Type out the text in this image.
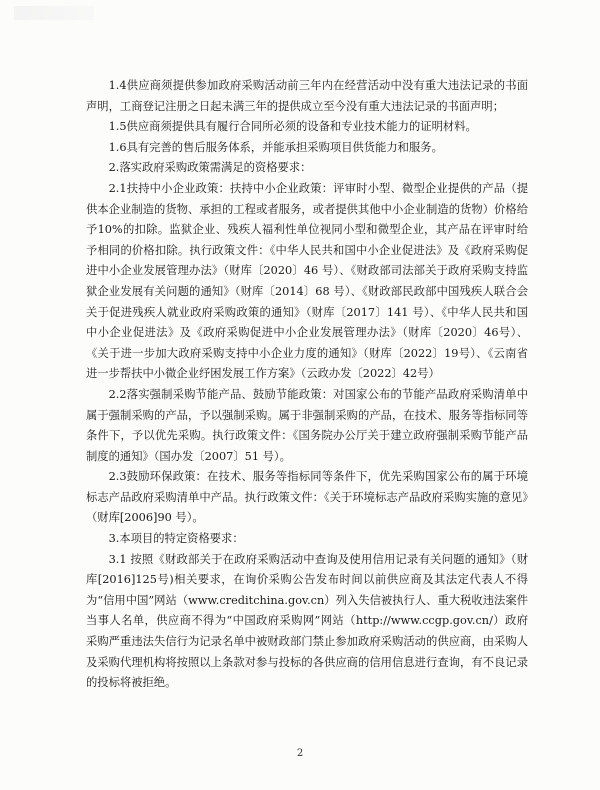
1.4供应商须提供参加政府采购活动前三年内在经营活动中没有重大违法记录的书面声明，工商登记注册之日起未满三年的提供成立至今没有重大违法记录的书面声明；

1.5供应商须提供具有履行合同所必须的设备和专业技术能力的证明材料。

1.6具有完善的售后服务体系，并能承担采购项目供货能力和服务。

2.落实政府采购政策需满足的资格要求：

2.1扶持中小企业政策：扶持中小企业政策：评审时小型、微型企业提供的产品（提供本企业制造的货物、承担的工程或者服务，或者提供其他中小企业制造的货物）价格给予10%的扣除。监狱企业、残疾人福利性单位视同小型和微型企业，其产品在评审时给予相同的价格扣除。执行政策文件：《中华人民共和国中小企业促进法》及《政府采购促进中小企业发展管理办法》（财库〔2020〕46 号）、《财政部司法部关于政府采购支持监狱企业发展有关问题的通知》（财库〔2014〕68 号）、《财政部民政部中国残疾人联合会关于促进残疾人就业政府采购政策的通知》（财库〔2017〕141 号）、《中华人民共和国中小企业促进法》及《政府采购促进中小企业发展管理办法》（财库〔2020〕46号）、《关于进一步加大政府采购支持中小企业力度的通知》（财库〔2022〕19号）、《云南省进一步帮扶中小微企业纾困发展工作方案》（云政办发〔2022〕42号）

2.2落实强制采购节能产品、鼓励节能政策：对国家公布的节能产品政府采购清单中属于强制采购的产品，予以强制采购。属于非强制采购的产品，在技术、服务等指标同等条件下，予以优先采购。执行政策文件：《国务院办公厅关于建立政府强制采购节能产品制度的通知》（国办发〔2007〕51 号）。

2.3鼓励环保政策：在技术、服务等指标同等条件下，优先采购国家公布的属于环境标志产品政府采购清单中产品。执行政策文件：《关于环境标志产品政府采购实施的意见》（财库[2006]90 号）。

3.本项目的特定资格要求：

3.1 按照《财政部关于在政府采购活动中查询及使用信用记录有关问题的通知》（财库[2016]125号)相关要求，在询价采购公告发布时间以前供应商及其法定代表人不得为“信用中国”网站（www.creditchina.gov.cn）列入失信被执行人、重大税收违法案件当事人名单，供应商不得为“中国政府采购网”网站（http://www.ccgp.gov.cn/）政府采购严重违法失信行为记录名单中被财政部门禁止参加政府采购活动的供应商，由采购人及采购代理机构将按照以上条款对参与投标的各供应商的信用信息进行查询，有不良记录的投标将被拒绝。

2
